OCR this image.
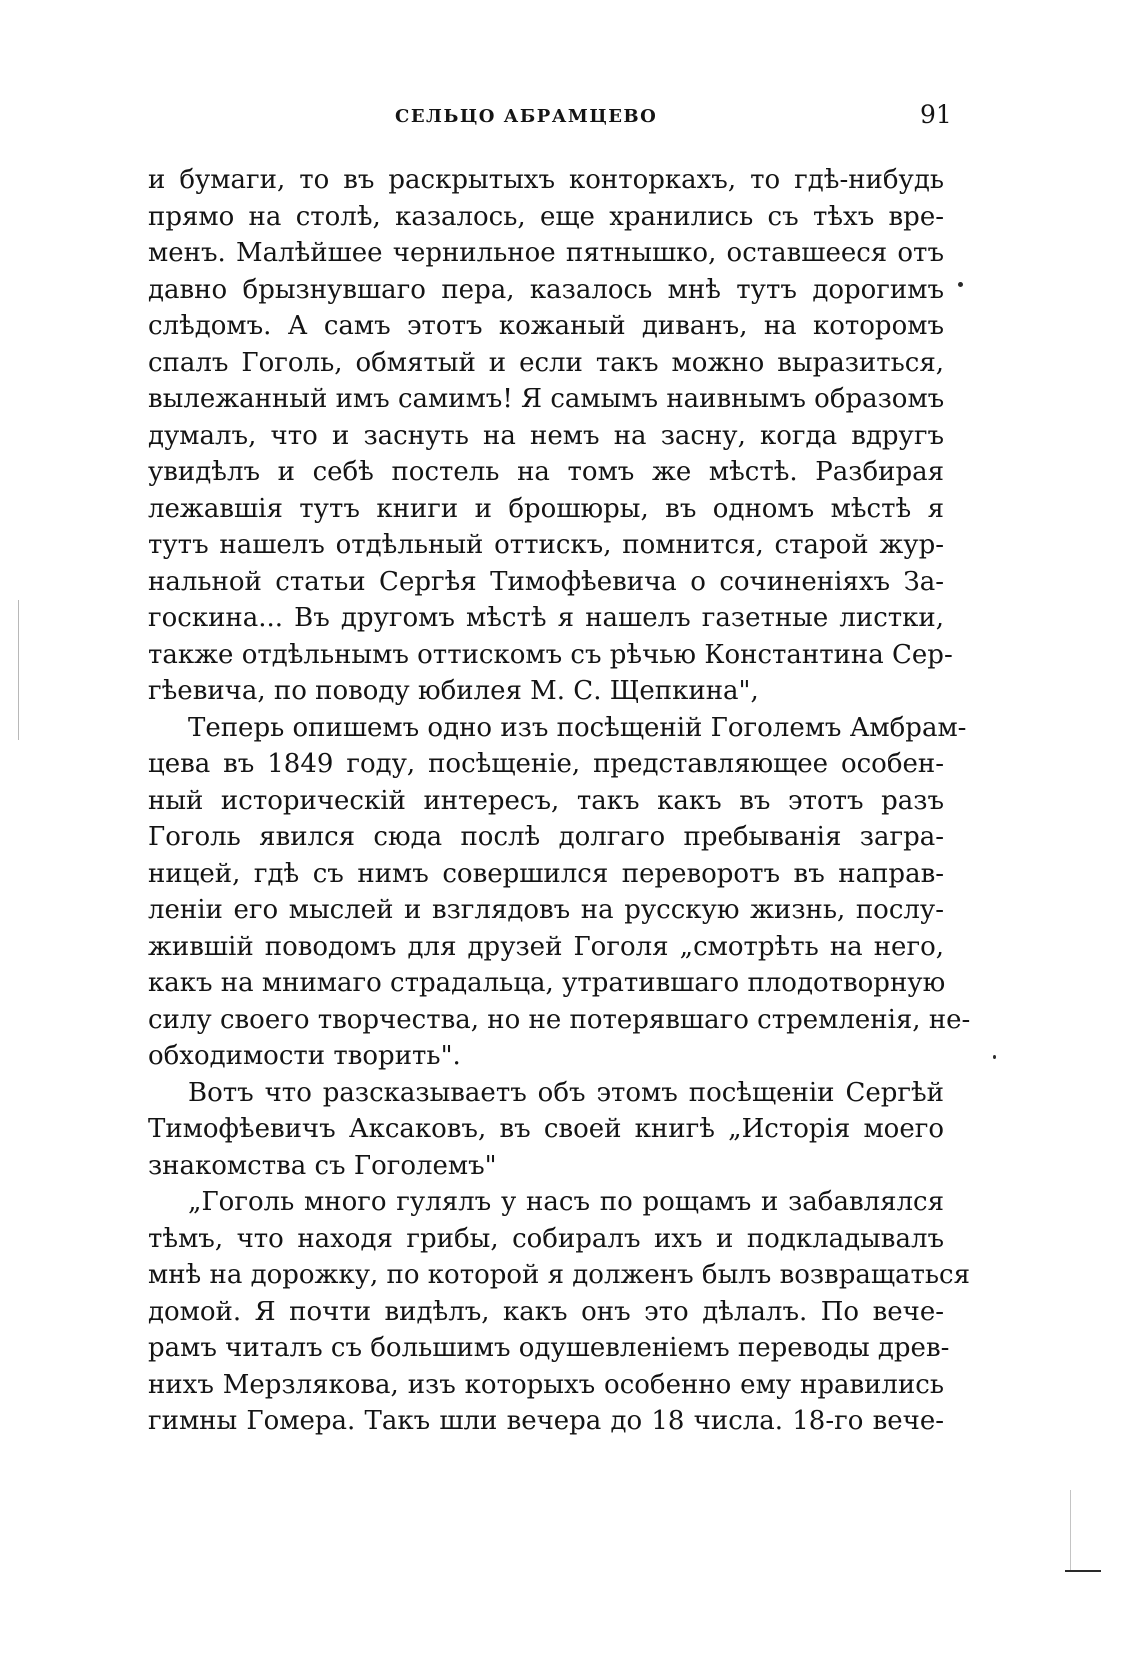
СЕЛЬЦО АБРАМЦЕВО	91
и бумаги, то въ раскрытыхъ конторкахъ, то гдѣ-нибудь
прямо на столѣ, казалось, еще хранились съ тѣхъ вре-
менъ. Малѣйшее чернильное пятнышко, оставшееся отъ
давно брызнувшаго пера, казалось мнѣ тутъ дорогимъ
слѣдомъ. А самъ этотъ кожаный диванъ, на которомъ
спалъ Гоголь, обмятый и если такъ можно выразиться,
вылежанный имъ самимъ! Я самымъ наивнымъ образомъ
думалъ, что и заснуть на немъ на засну, когда вдругъ
увидѣлъ и себѣ постель на томъ же мѣстѣ. Разбирая
лежавшія тутъ книги и брошюры, въ одномъ мѣстѣ я
тутъ нашелъ отдѣльный оттискъ, помнится, старой жур-
нальной статьи Сергѣя Тимофѣевича о сочиненіяхъ За-
госкина... Въ другомъ мѣстѣ я нашелъ газетные листки,
также отдѣльнымъ оттискомъ съ рѣчью Константина Сер-
гѣевича, по поводу юбилея М. С. Щепкина",
Теперь опишемъ одно изъ посѣщеній Гоголемъ Амбрам-
цева въ 1849 году, посѣщеніе, представляющее особен-
ный историческій интересъ, такъ какъ въ этотъ разъ
Гоголь явился сюда послѣ долгаго пребыванія загра-
ницей, гдѣ съ нимъ совершился переворотъ въ направ-
леніи его мыслей и взглядовъ на русскую жизнь, послу-
жившій поводомъ для друзей Гоголя „смотрѣть на него,
какъ на мнимаго страдальца, утратившаго плодотворную
силу своего творчества, но не потерявшаго стремленія, не-
обходимости творить".
Вотъ что разсказываетъ объ этомъ посѣщеніи Сергѣй
Тимофѣевичъ Аксаковъ, въ своей книгѣ „Исторія моего
знакомства съ Гоголемъ"
„Гоголь много гулялъ у насъ по рощамъ и забавлялся
тѣмъ, что находя грибы, собиралъ ихъ и подкладывалъ
мнѣ на дорожку, по которой я долженъ былъ возвращаться
домой. Я почти видѣлъ, какъ онъ это дѣлалъ. По вече-
рамъ читалъ съ большимъ одушевленіемъ переводы древ-
нихъ Мерзлякова, изъ которыхъ особенно ему нравились
гимны Гомера. Такъ шли вечера до 18 числа. 18-го вече-
